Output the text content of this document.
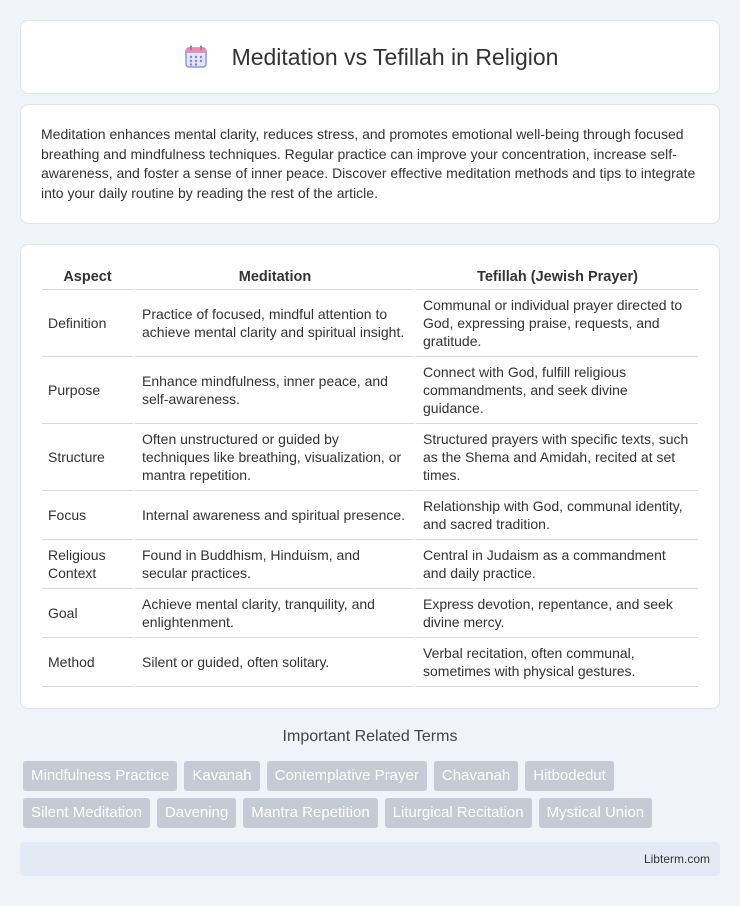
Meditation vs Tefillah in Religion

Meditation enhances mental clarity, reduces stress, and promotes emotional well-being through focused breathing and mindfulness techniques. Regular practice can improve your concentration, increase self-awareness, and foster a sense of inner peace. Discover effective meditation methods and tips to integrate into your daily routine by reading the rest of the article.

Aspect	Meditation	Tefillah (Jewish Prayer)
Definition	Practice of focused, mindful attention to achieve mental clarity and spiritual insight.	Communal or individual prayer directed to God, expressing praise, requests, and gratitude.
Purpose	Enhance mindfulness, inner peace, and self-awareness.	Connect with God, fulfill religious commandments, and seek divine guidance.
Structure	Often unstructured or guided by techniques like breathing, visualization, or mantra repetition.	Structured prayers with specific texts, such as the Shema and Amidah, recited at set times.
Focus	Internal awareness and spiritual presence.	Relationship with God, communal identity, and sacred tradition.
Religious Context	Found in Buddhism, Hinduism, and secular practices.	Central in Judaism as a commandment and daily practice.
Goal	Achieve mental clarity, tranquility, and enlightenment.	Express devotion, repentance, and seek divine mercy.
Method	Silent or guided, often solitary.	Verbal recitation, often communal, sometimes with physical gestures.
Important Related Terms
Mindfulness Practice	Kavanah	Contemplative Prayer	Chavanah	Hitbodedut
Silent Meditation	Davening	Mantra Repetition	Liturgical Recitation	Mystical Union
Libterm.com
